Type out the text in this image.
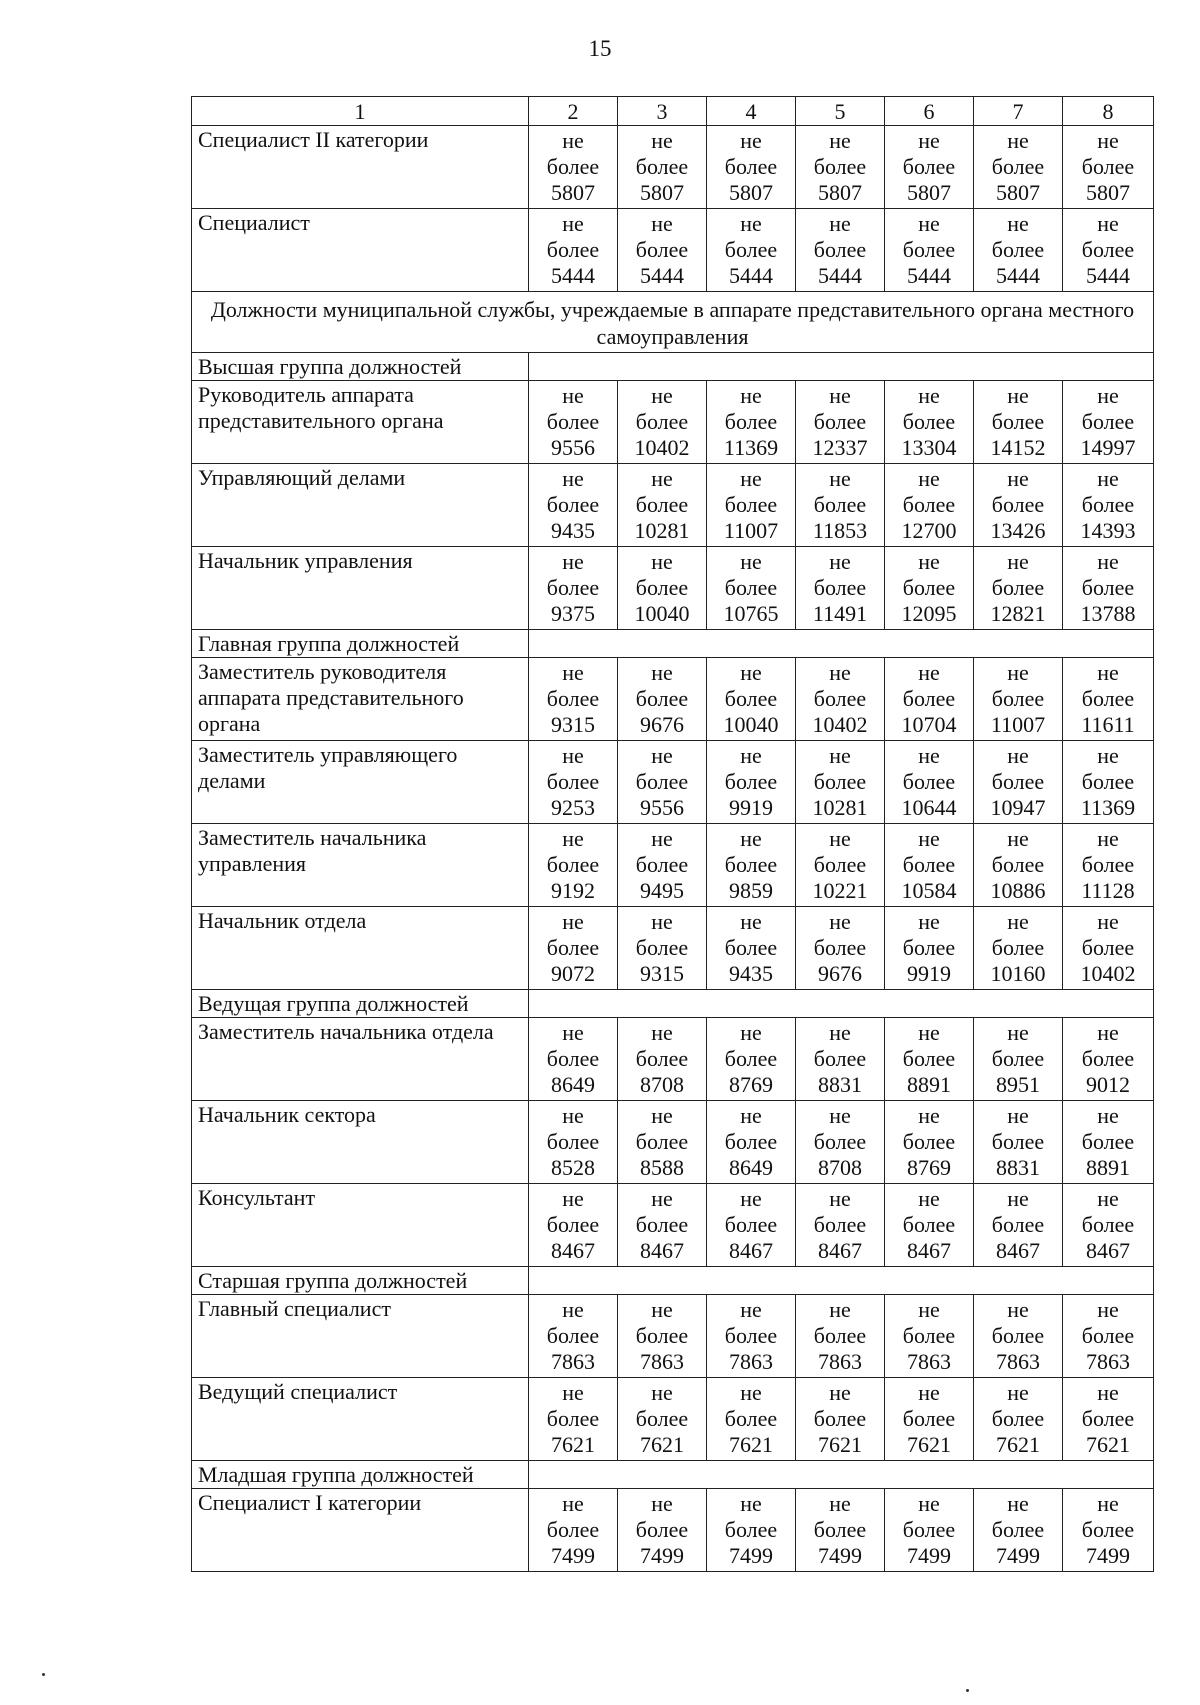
15
1	2	3	4	5	6	7	8
Специалист II категории	не
более
5807	не
более
5807	не
более
5807	не
более
5807	не
более
5807	не
более
5807	не
более
5807

Специалист	не
более
5444	не
более
5444	не
более
5444	не
более
5444	не
более
5444	не
более
5444	не
более
5444

Должности муниципальной службы, учреждаемые в аппарате представительного органа местного самоуправления							
Высшая группа должностей							
Руководитель аппарата представительного органа	не
более
9556	не
более
10402	не
более
11369	не
более
12337	не
более
13304	не
более
14152	не
более
14997

Управляющий делами	не
более
9435	не
более
10281	не
более
11007	не
более
11853	не
более
12700	не
более
13426	не
более
14393

Начальник управления	не
более
9375	не
более
10040	не
более
10765	не
более
11491	не
более
12095	не
более
12821	не
более
13788

Главная группа должностей							
Заместитель руководителя аппарата представительного органа	не
более
9315	не
более
9676	не
более
10040	не
более
10402	не
более
10704	не
более
11007	не
более
11611

Заместитель управляющего делами	не
более
9253	не
более
9556	не
более
9919	не
более
10281	не
более
10644	не
более
10947	не
более
11369

Заместитель начальника управления	не
более
9192	не
более
9495	не
более
9859	не
более
10221	не
более
10584	не
более
10886	не
более
11128

Начальник отдела	не
более
9072	не
более
9315	не
более
9435	не
более
9676	не
более
9919	не
более
10160	не
более
10402

Ведущая группа должностей							
Заместитель начальника отдела	не
более
8649	не
более
8708	не
более
8769	не
более
8831	не
более
8891	не
более
8951	не
более
9012

Начальник сектора	не
более
8528	не
более
8588	не
более
8649	не
более
8708	не
более
8769	не
более
8831	не
более
8891

Консультант	не
более
8467	не
более
8467	не
более
8467	не
более
8467	не
более
8467	не
более
8467	не
более
8467

Старшая группа должностей							
Главный специалист	не
более
7863	не
более
7863	не
более
7863	не
более
7863	не
более
7863	не
более
7863	не
более
7863

Ведущий специалист	не
более
7621	не
более
7621	не
более
7621	не
более
7621	не
более
7621	не
более
7621	не
более
7621

Младшая группа должностей							
Специалист I категории	не
более
7499	не
более
7499	не
более
7499	не
более
7499	не
более
7499	не
более
7499	не
более
7499
